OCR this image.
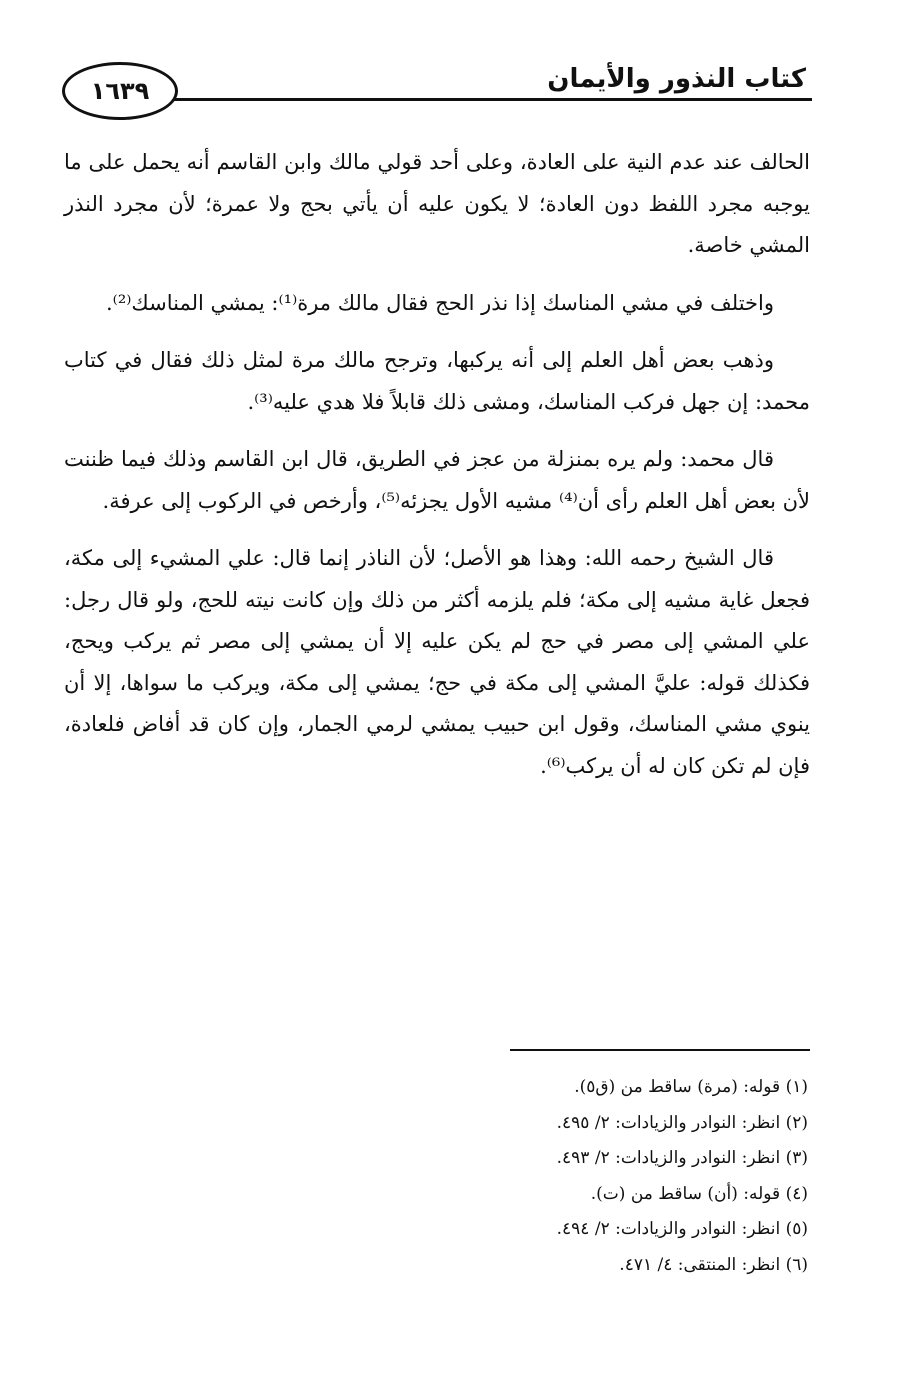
١٦٣٩	كتاب النذور والأيمان

الحالف عند عدم النية على العادة، وعلى أحد قولي مالك وابن القاسم أنه يحمل على ما يوجبه مجرد اللفظ دون العادة؛ لا يكون عليه أن يأتي بحج ولا عمرة؛ لأن مجرد النذر المشي خاصة.

واختلف في مشي المناسك إذا نذر الحج فقال مالك مرة⁽¹⁾: يمشي المناسك⁽²⁾.

وذهب بعض أهل العلم إلى أنه يركبها، وترجح مالك مرة لمثل ذلك فقال في كتاب محمد: إن جهل فركب المناسك، ومشى ذلك قابلاً فلا هدي عليه⁽³⁾.

قال محمد: ولم يره بمنزلة من عجز في الطريق، قال ابن القاسم وذلك فيما ظننت لأن بعض أهل العلم رأى أن⁽⁴⁾ مشيه الأول يجزئه⁽⁵⁾، وأرخص في الركوب إلى عرفة.

قال الشيخ رحمه الله: وهذا هو الأصل؛ لأن الناذر إنما قال: علي المشيء إلى مكة، فجعل غاية مشيه إلى مكة؛ فلم يلزمه أكثر من ذلك وإن كانت نيته للحج، ولو قال رجل: علي المشي إلى مصر في حج لم يكن عليه إلا أن يمشي إلى مصر ثم يركب ويحج، فكذلك قوله: عليَّ المشي إلى مكة في حج؛ يمشي إلى مكة، ويركب ما سواها، إلا أن ينوي مشي المناسك، وقول ابن حبيب يمشي لرمي الجمار، وإن كان قد أفاض فلعادة، فإن لم تكن كان له أن يركب⁽⁶⁾.

(١) قوله: (مرة) ساقط من (ق٥).

(٢) انظر: النوادر والزيادات: ٢/ ٤٩٥.

(٣) انظر: النوادر والزيادات: ٢/ ٤٩٣.

(٤) قوله: (أن) ساقط من (ت).

(٥) انظر: النوادر والزيادات: ٢/ ٤٩٤.

(٦) انظر: المنتقى: ٤/ ٤٧١.
